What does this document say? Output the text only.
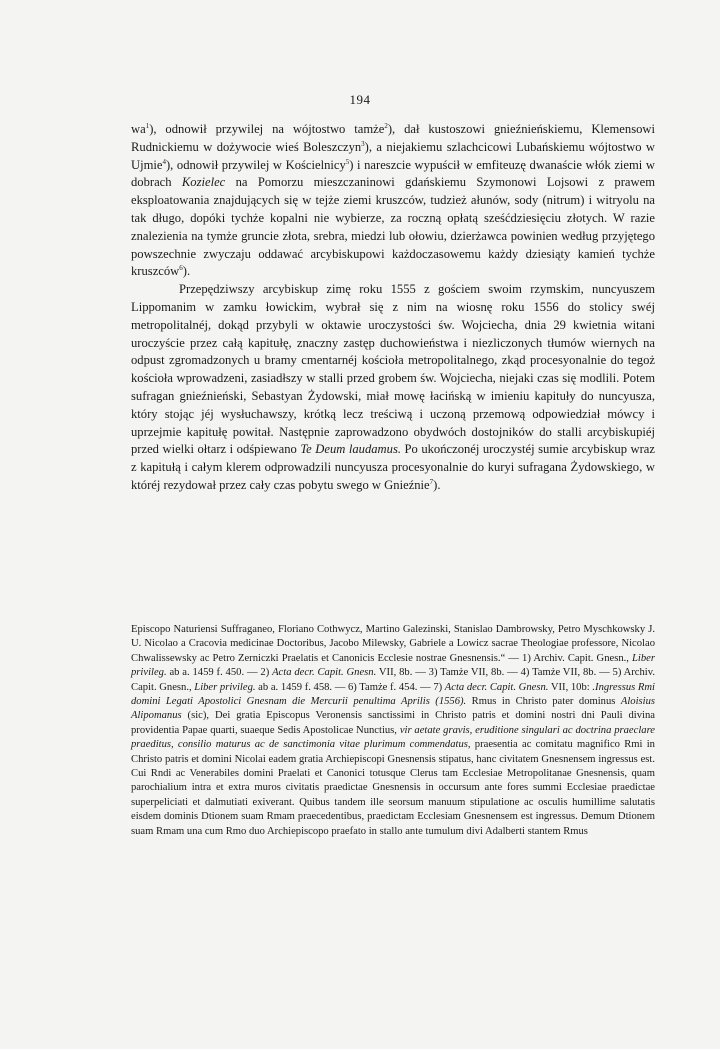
194

$wa^1$), odnowił przywilej na wójtostwo tamże$^2$), dał kustoszowi gnieźnieńskiemu, Klemensowi Rudnickiemu w dożywocie wieś Boleszczyn$^3$), a niejakiemu szlachcicowi Lubańskiemu wójtostwo w Ujmie$^4$), odnowił przywilej w Kościelnicy$^5$) i nareszcie wypuścił w emfiteuzę dwanaście włók ziemi w dobrach Kozielec na Pomorzu mieszczaninowi gdańskiemu Szymonowi Lojsowi z prawem eksploatowania znajdujących się w tejże ziemi kruszców, tudzież ałunów, sody (nitrum) i witryolu na tak długo, dopóki tychże kopalni nie wybierze, za roczną opłatą sześćdziesięciu złotych. W razie znalezienia na tymże gruncie złota, srebra, miedzi lub ołowiu, dzierżawca powinien według przyjętego powszechnie zwyczaju oddawać arcybiskupowi każdoczasowemu każdy dziesiąty kamień tychże kruszców$^6$).

Przepędziwszy arcybiskup zimę roku 1555 z gościem swoim rzymskim, nuncyuszem Lippomanim w zamku łowickim, wybrał się z nim na wiosnę roku 1556 do stolicy swéj metropolitalnéj, dokąd przybyli w oktawie uroczystości św. Wojciecha, dnia 29 kwietnia witani uroczyście przez całą kapitułę, znaczny zastęp duchowieństwa i niezliczonych tłumów wiernych na odpust zgromadzonych u bramy cmentarnéj kościoła metropolitalnego, zkąd procesyonalnie do tegoż kościoła wprowadzeni, zasiadłszy w stalli przed grobem św. Wojciecha, niejaki czas się modlili. Potem sufragan gnieźnieński, Sebastyan Żydowski, miał mowę łacińską w imieniu kapituły do nuncyusza, który stojąc jéj wysłuchawszy, krótką lecz treściwą i uczoną przemową odpowiedział mówcy i uprzejmie kapitułę powitał. Następnie zaprowadzono obydwóch dostojników do stalli arcybiskupiéj przed wielki ołtarz i odśpiewano Te Deum laudamus. Po ukończonéj uroczystéj sumie arcybiskup wraz z kapitułą i całym klerem odprowadzili nuncyusza procesyonalnie do kuryi sufragana Żydowskiego, w któréj rezydował przez cały czas pobytu swego w Gnieźnie$^7$).

Episcopo Naturiensi Suffraganeo, Floriano Cothwycz, Martino Galezinski, Stanislao Dambrowsky, Petro Myschkowsky J. U. Nicolao a Cracovia medicinae Doctoribus, Jacobo Milewsky, Gabriele a Lowicz sacrae Theologiae professore, Nicolao Chwalissewsky ac Petro Zerniczki Praelatis et Canonicis Ecclesie nostrae Gnesnensis.“ — 1) Archiv. Capit. Gnesn., Liber privileg. ab a. 1459 f. 450. — 2) Acta decr. Capit. Gnesn. VII, 8b. — 3) Tamże VII, 8b. — 4) Tamże VII, 8b. — 5) Archiv. Capit. Gnesn., Liber privileg. ab a. 1459 f. 458. — 6) Tamże f. 454. — 7) Acta decr. Capit. Gnesn. VII, 10b: .Ingressus Rmi domini Legati Apostolici Gnesnam die Mercurii penultima Aprilis (1556). Rmus in Christo pater dominus Aloisius Alipomanus (sic), Dei gratia Episcopus Veronensis sanctissimi in Christo patris et domini nostri dni Pauli divina providentia Papae quarti, suaeque Sedis Apostolicae Nunctius, vir aetate gravis, eruditione singulari ac doctrina praeclare praeditus, consilio maturus ac de sanctimonia vitae plurimum commendatus, praesentia ac comitatu magnifico Rmi in Christo patris et domini Nicolai eadem gratia Archiepiscopi Gnesnensis stipatus, hanc civitatem Gnesnensem ingressus est. Cui Rndi ac Venerabiles domini Praelati et Canonici totusque Clerus tam Ecclesiae Metropolitanae Gnesnensis, quam parochialium intra et extra muros civitatis praedictae Gnesnensis in occursum ante fores summi Ecclesiae praedictae superpeliciati et dalmutiati exiverant. Quibus tandem ille seorsum manuum stipulatione ac osculis humillime salutatis eisdem dominis Dtionem suam Rmam praecedentibus, praedictam Ecclesiam Gnesnensem est ingressus. Demum Dtionem suam Rmam una cum Rmo duo Archiepiscopo praefato in stallo ante tumulum divi Adalberti stantem Rmus
